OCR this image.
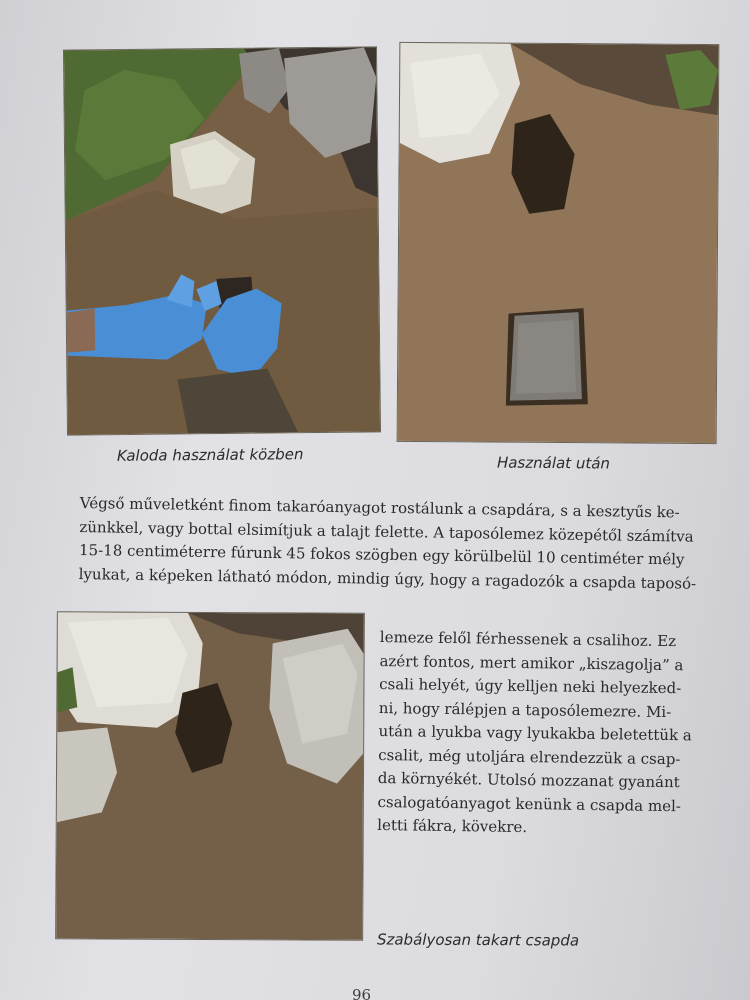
Kaloda használat közben	Használat után

Szabályosan takart csapda

Végső műveletként finom takaróanyagot rostálunk a csapdára, s a kesztyűs ke-
zünkkel, vagy bottal elsimítjuk a talajt felette. A taposólemez közepétől számítva
15-18 centiméterre fúrunk 45 fokos szögben egy körülbelül 10 centiméter mély
lyukat, a képeken látható módon, mindig úgy, hogy a ragadozók a csapda taposó-
lemeze felől férhessenek a csalihoz. Ez
azért fontos, mert amikor „kiszagolja” a
csali helyét, úgy kelljen neki helyezked-
ni, hogy rálépjen a taposólemezre. Mi-
után a lyukba vagy lyukakba beletettük a
csalit, még utoljára elrendezzük a csap-
da környékét. Utolsó mozzanat gyanánt
csalogatóanyagot kenünk a csapda mel-
letti fákra, kövekre.
96
